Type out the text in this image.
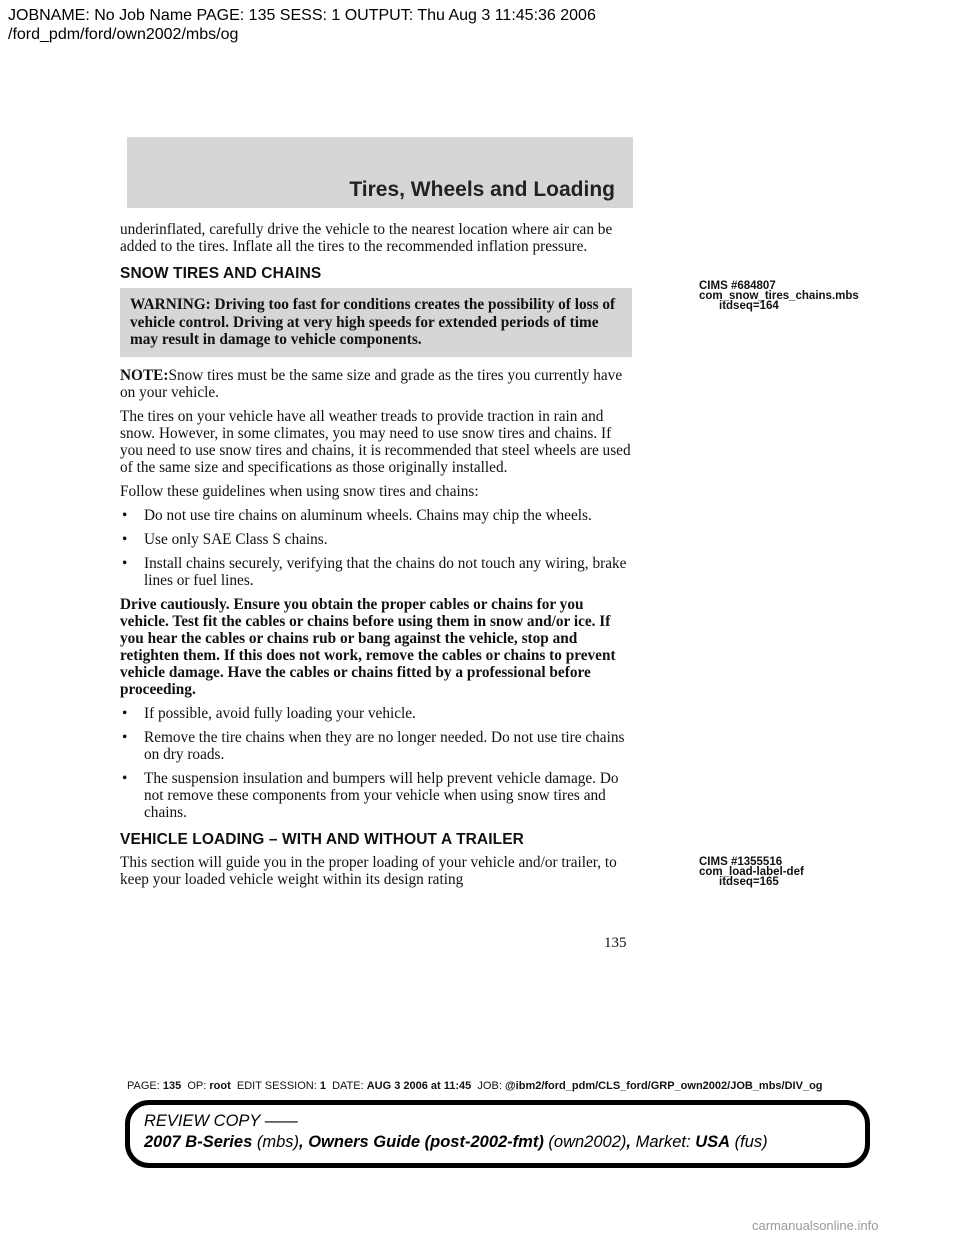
JOBNAME: No Job Name PAGE: 135 SESS: 1 OUTPUT: Thu Aug 3 11:45:36 2006
/ford_pdm/ford/own2002/mbs/og
Tires, Wheels and Loading

underinflated, carefully drive the vehicle to the nearest location where air can be added to the tires. Inflate all the tires to the recommended inflation pressure.

SNOW TIRES AND CHAINS
WARNING: Driving too fast for conditions creates the possibility of loss of vehicle control. Driving at very high speeds for extended periods of time may result in damage to vehicle components.

NOTE:Snow tires must be the same size and grade as the tires you currently have on your vehicle.

The tires on your vehicle have all weather treads to provide traction in rain and snow. However, in some climates, you may need to use snow tires and chains. If you need to use snow tires and chains, it is recommended that steel wheels are used of the same size and specifications as those originally installed.

Follow these guidelines when using snow tires and chains:

•	Do not use tire chains on aluminum wheels. Chains may chip the wheels.
•	Use only SAE Class S chains.
•	Install chains securely, verifying that the chains do not touch any wiring, brake lines or fuel lines.

Drive cautiously. Ensure you obtain the proper cables or chains for you vehicle. Test fit the cables or chains before using them in snow and/or ice. If you hear the cables or chains rub or bang against the vehicle, stop and retighten them. If this does not work, remove the cables or chains to prevent vehicle damage. Have the cables or chains fitted by a professional before proceeding.

•	If possible, avoid fully loading your vehicle.
•	Remove the tire chains when they are no longer needed. Do not use tire chains on dry roads.
•	The suspension insulation and bumpers will help prevent vehicle damage. Do not remove these components from your vehicle when using snow tires and chains.
VEHICLE LOADING – WITH AND WITHOUT A TRAILER

This section will guide you in the proper loading of your vehicle and/or trailer, to keep your loaded vehicle weight within its design rating

CIMS #684807
com_snow_tires_chains.mbs
itdseq=164
CIMS #1355516
com_load-label-def
itdseq=165
135
PAGE: 135 OP: root EDIT SESSION: 1 DATE: AUG 3 2006 at 11:45 JOB: @ibm2/ford_pdm/CLS_ford/GRP_own2002/JOB_mbs/DIV_og
REVIEW COPY ——
2007 B-Series (mbs), Owners Guide (post-2002-fmt) (own2002), Market: USA (fus)
carmanualsonline.info
